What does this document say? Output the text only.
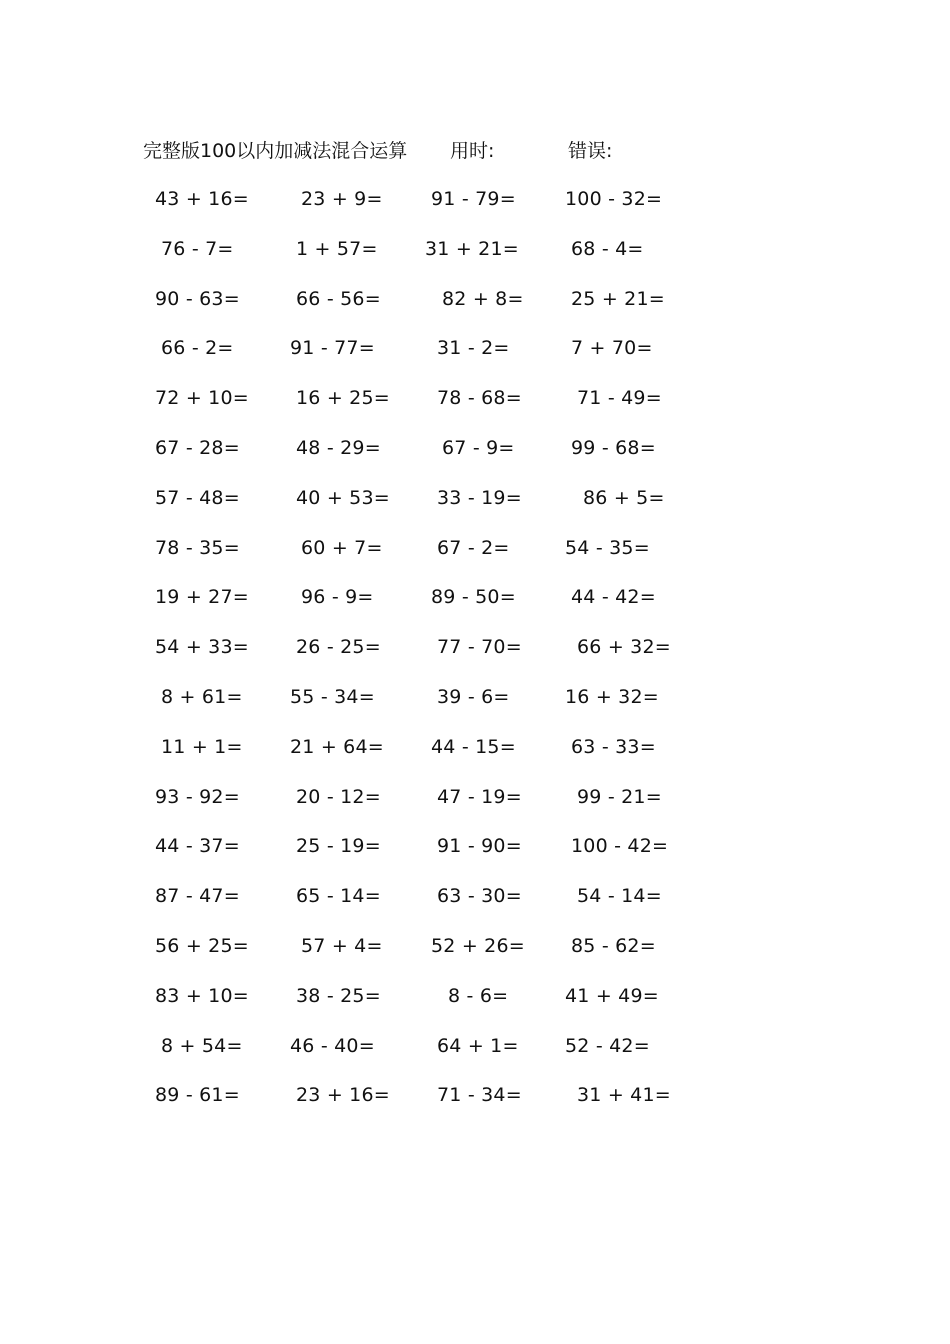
完整版100以内加减法混合运算 用时:	错误:
43 + 16=	23 + 9=	91 - 79=	100 - 32=
76 - 7=	1 + 57= 31 + 21=	68 - 4=
90 - 63=	66 - 56=	82 + 8= 25 + 21=
66 - 2=	91 - 77=	31 - 2=	7 + 70=
72 + 10= 16 + 25= 78 - 68=	71 - 49=
67 - 28=	48 - 29=	67 - 9=	99 - 68=
57 - 48=	40 + 53= 33 - 19=	86 + 5=
78 - 35=	60 + 7=	67 - 2=	54 - 35=
19 + 27=	96 - 9=	89 - 50=	44 - 42=
54 + 33= 26 - 25=	77 - 70=	66 + 32=
8 + 61= 55 - 34=	39 - 6=	16 + 32=
11 + 1= 21 + 64= 44 - 15=	63 - 33=
93 - 92=	20 - 12=	47 - 19=	99 - 21=
44 - 37=	25 - 19=	91 - 90=	100 - 42=
87 - 47=	65 - 14=	63 - 30=	54 - 14=
56 + 25=	57 + 4=	52 + 26= 85 - 62=
83 + 10= 38 - 25=	8 - 6=	41 + 49=
8 + 54= 46 - 40=	64 + 1= 52 - 42=
89 - 61=	23 + 16= 71 - 34=	31 + 41=
